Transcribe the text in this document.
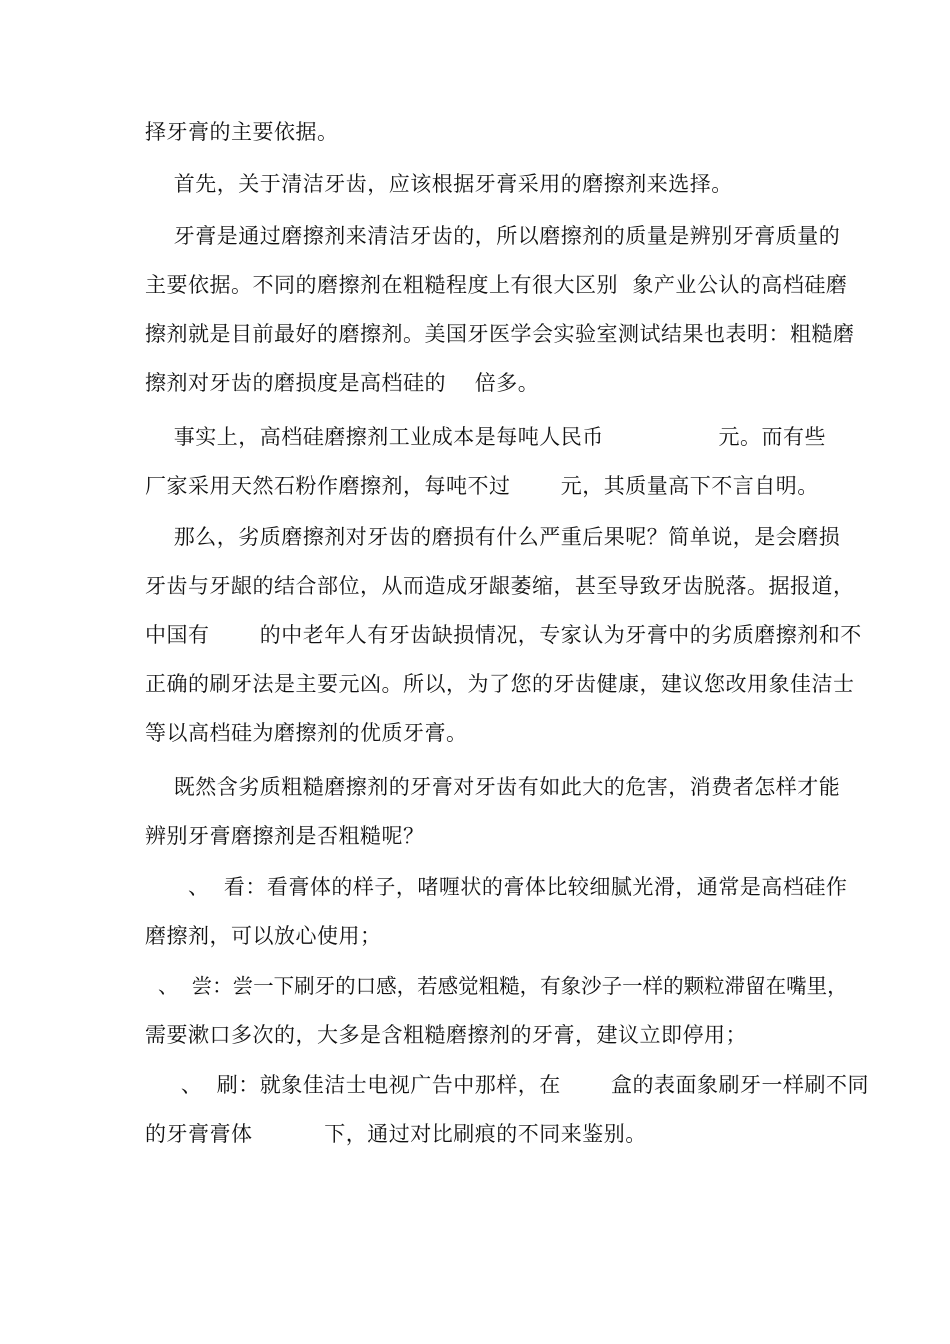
择牙膏的主要依据。
首先，关于清洁牙齿，应该根据牙膏采用的磨擦剂来选择。
牙膏是通过磨擦剂来清洁牙齿的，所以磨擦剂的质量是辨别牙膏质量的
主要依据。不同的磨擦剂在粗糙程度上有很大区别  象产业公认的高档硅磨
擦剂就是目前最好的磨擦剂。美国牙医学会实验室测试结果也表明：粗糙磨
擦剂对牙齿的磨损度是高档硅的    倍多。
事实上，高档硅磨擦剂工业成本是每吨人民币                元。而有些
厂家采用天然石粉作磨擦剂，每吨不过       元，其质量高下不言自明。
那么，劣质磨擦剂对牙齿的磨损有什么严重后果呢？简单说，是会磨损
牙齿与牙龈的结合部位，从而造成牙龈萎缩，甚至导致牙齿脱落。据报道，
中国有       的中老年人有牙齿缺损情况，专家认为牙膏中的劣质磨擦剂和不
正确的刷牙法是主要元凶。所以，为了您的牙齿健康，建议您改用象佳洁士
等以高档硅为磨擦剂的优质牙膏。
既然含劣质粗糙磨擦剂的牙膏对牙齿有如此大的危害，消费者怎样才能
辨别牙膏磨擦剂是否粗糙呢？
、  看：看膏体的样子，啫喱状的膏体比较细腻光滑，通常是高档硅作
磨擦剂，可以放心使用；
、  尝：尝一下刷牙的口感，若感觉粗糙，有象沙子一样的颗粒滞留在嘴里，
需要漱口多次的，大多是含粗糙磨擦剂的牙膏，建议立即停用；
、  刷：就象佳洁士电视广告中那样，在       盒的表面象刷牙一样刷不同
的牙膏膏体          下，通过对比刷痕的不同来鉴别。
